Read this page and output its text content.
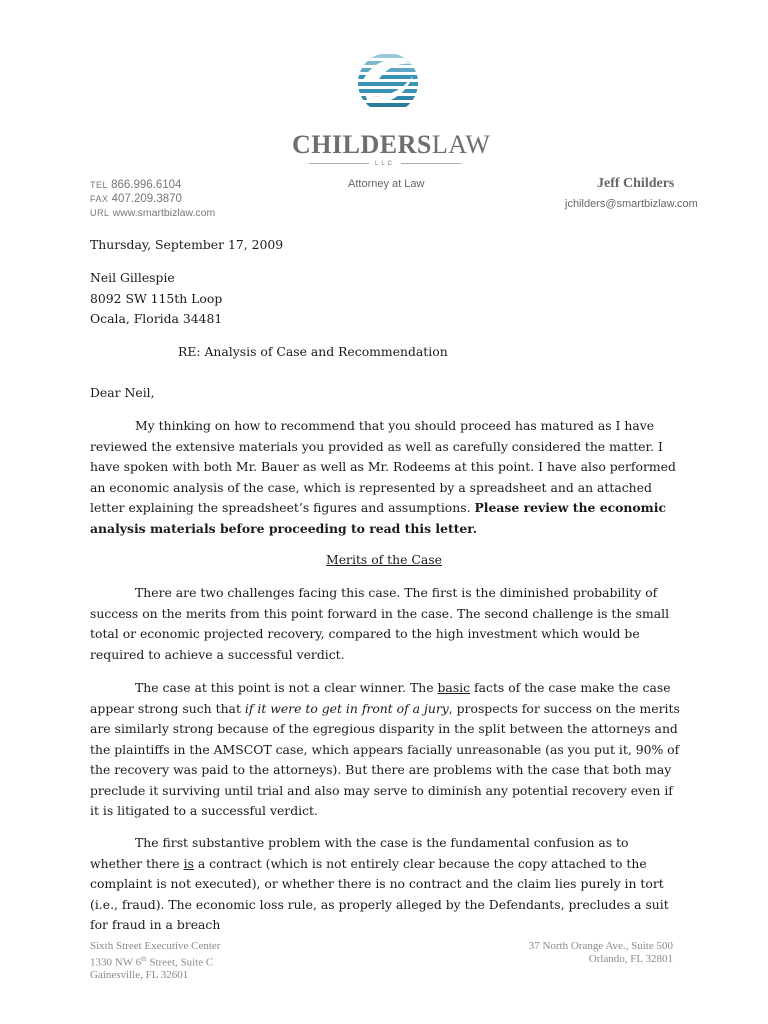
CHILDERSLAW
LLC
TEL 866.996.6104
FAX 407.209.3870
URL www.smartbizlaw.com
Attorney at Law	Jeff Childers
jchilders@smartbizlaw.com
Thursday, September 17, 2009
Neil Gillespie
8092 SW 115th Loop
Ocala, Florida 34481
RE: Analysis of Case and Recommendation
Dear Neil,
My thinking on how to recommend that you should proceed has matured as I have reviewed the extensive materials you provided as well as carefully considered the matter. I have spoken with both Mr. Bauer as well as Mr. Rodeems at this point. I have also performed an economic analysis of the case, which is represented by a spreadsheet and an attached letter explaining the spreadsheet’s figures and assumptions. Please review the economic analysis materials before proceeding to read this letter.
Merits of the Case
There are two challenges facing this case. The first is the diminished probability of success on the merits from this point forward in the case. The second challenge is the small total or economic projected recovery, compared to the high investment which would be required to achieve a successful verdict.
The case at this point is not a clear winner. The basic facts of the case make the case appear strong such that if it were to get in front of a jury, prospects for success on the merits are similarly strong because of the egregious disparity in the split between the attorneys and the plaintiffs in the AMSCOT case, which appears facially unreasonable (as you put it, 90% of the recovery was paid to the attorneys). But there are problems with the case that both may preclude it surviving until trial and also may serve to diminish any potential recovery even if it is litigated to a successful verdict.
The first substantive problem with the case is the fundamental confusion as to whether there is a contract (which is not entirely clear because the copy attached to the complaint is not executed), or whether there is no contract and the claim lies purely in tort (i.e., fraud). The economic loss rule, as properly alleged by the Defendants, precludes a suit for fraud in a breach
Sixth Street Executive Center
1330 NW 6th Street, Suite C
Gainesville, FL 32601
37 North Orange Ave., Suite 500
Orlando, FL 32801
